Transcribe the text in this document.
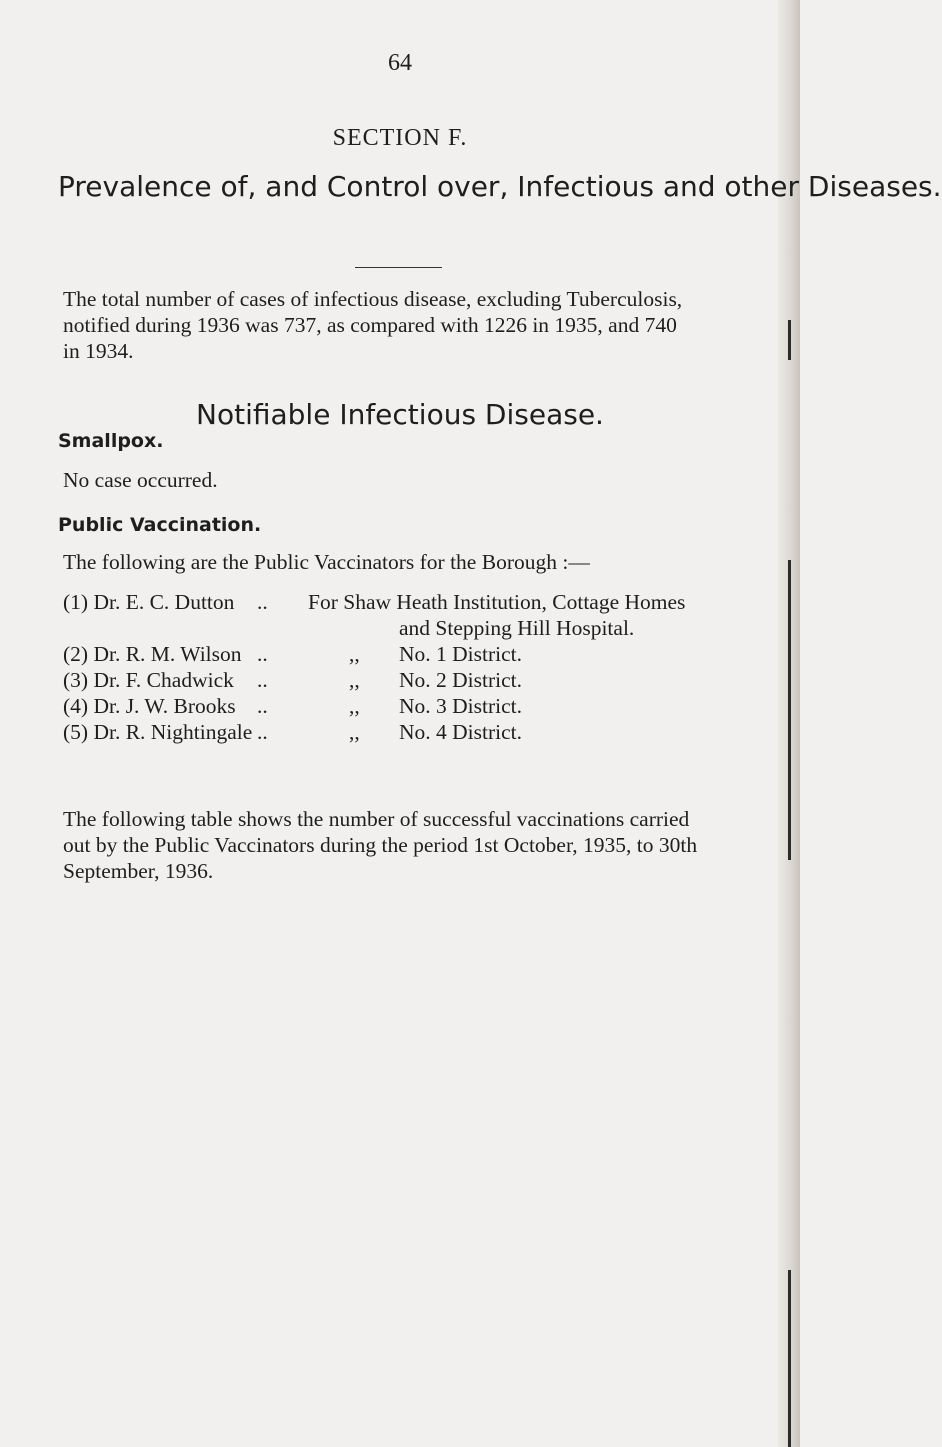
64

SECTION F.

Prevalence of, and Control over, Infectious and other Diseases.

The total number of cases of infectious disease, excluding Tuberculosis,
notified during 1936 was 737, as compared with 1226 in 1935, and 740
in 1934.

Notifiable Infectious Disease.

Smallpox.

No case occurred.

Public Vaccination.

The following are the Public Vaccinators for the Borough :—

(1) Dr. E. C. Dutton .. For Shaw Heath Institution, Cottage Homes

and Stepping Hill Hospital.

(2) Dr. R. M. Wilson ..	,, No. 1 District.
(3) Dr. F. Chadwick ..	,, No. 2 District.
(4) Dr. J. W. Brooks ..	,, No. 3 District.
(5) Dr. R. Nightingale ..	,, No. 4 District.
The following table shows the number of successful vaccinations carried
out by the Public Vaccinators during the period 1st October, 1935, to 30th
September, 1936.
